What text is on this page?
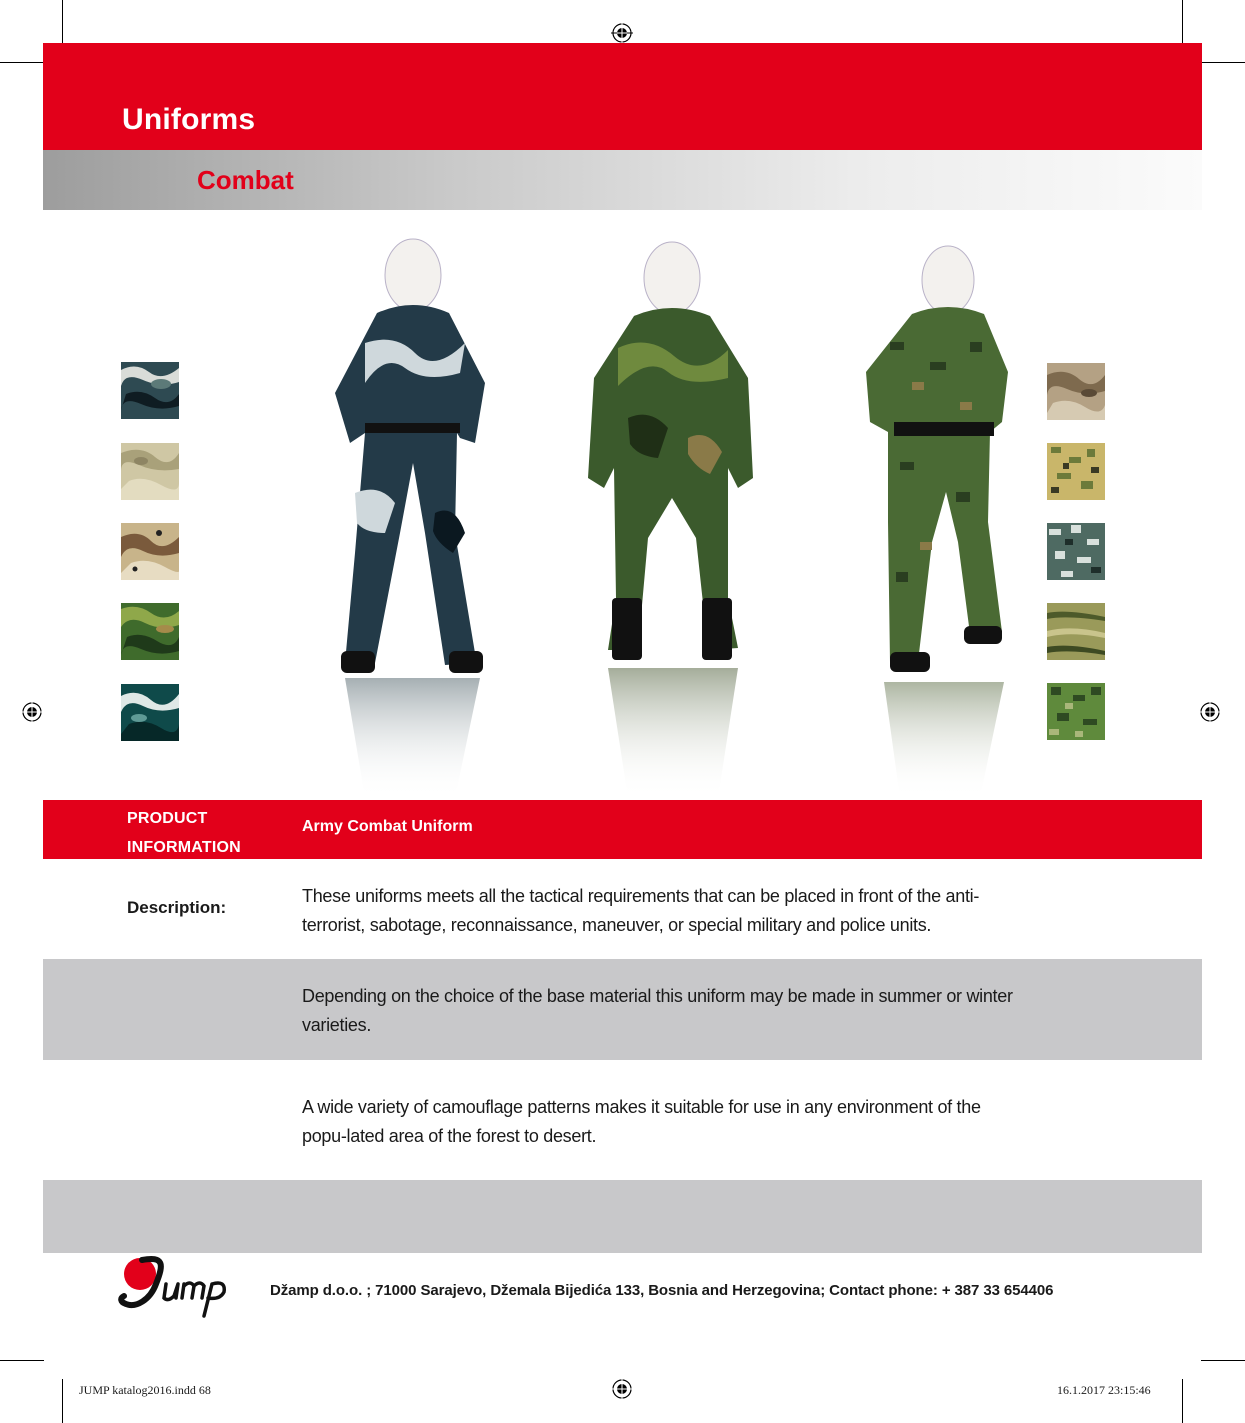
Uniforms
Combat
PRODUCT
INFORMATION
Army Combat Uniform
Description:
These uniforms meets all the tactical requirements that can be placed in front of the anti-terrorist, sabotage, reconnaissance, maneuver, or special military and police units.
Depending on the choice of the base material this uniform may be made in summer or winter varieties.
A wide variety of camouflage patterns makes it suitable for use in any environment of the popu-lated area of the forest to desert.
Džamp d.o.o. ; 71000 Sarajevo, Džemala Bijedića 133, Bosnia and Herzegovina; Contact phone: + 387 33 654406
JUMP katalog2016.indd 68	16.1.2017 23:15:46
